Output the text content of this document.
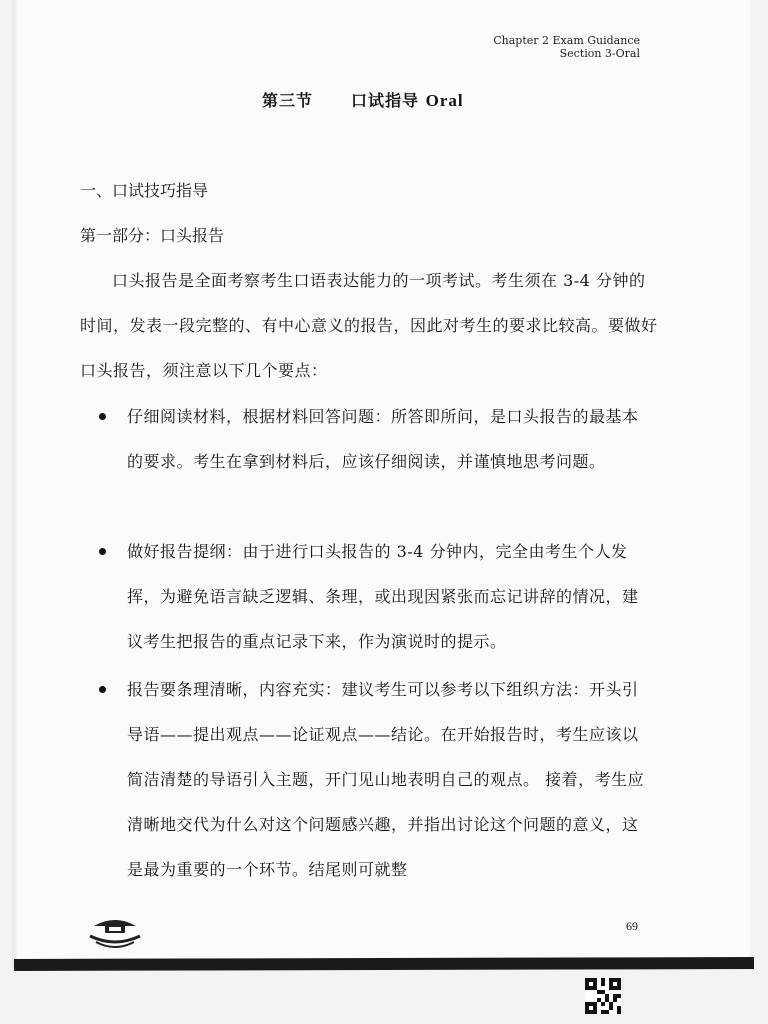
Chapter 2 Exam Guidance
Section 3-Oral
第三节 口试指导 Oral
一、口试技巧指导
第一部分：口头报告
口头报告是全面考察考生口语表达能力的一项考试。考生须在 3-4 分钟的时间，发表一段完整的、有中心意义的报告，因此对考生的要求比较高。要做好口头报告，须注意以下几个要点：
仔细阅读材料，根据材料回答问题：所答即所问，是口头报告的最基本的要求。考生在拿到材料后，应该仔细阅读，并谨慎地思考问题。
做好报告提纲：由于进行口头报告的 3-4 分钟内，完全由考生个人发挥，为避免语言缺乏逻辑、条理，或出现因紧张而忘记讲辞的情况，建议考生把报告的重点记录下来，作为演说时的提示。
报告要条理清晰，内容充实：建议考生可以参考以下组织方法：开头引导语——提出观点——论证观点——结论。在开始报告时，考生应该以简洁清楚的导语引入主题，开门见山地表明自己的观点。 接着，考生应清晰地交代为什么对这个问题感兴趣，并指出讨论这个问题的意义，这是最为重要的一个环节。结尾则可就整
69
